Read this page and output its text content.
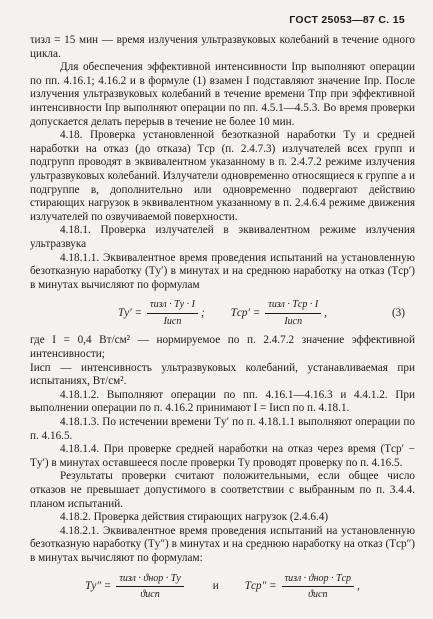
ГОСТ 25053—87 С. 15

τизл = 15 мин — время излучения ультразвуковых колебаний в течение одного цикла.

Для обеспечения эффективной интенсивности Iпр выполняют операции по пп. 4.16.1; 4.16.2 и в формуле (1) взамен I подставляют значение Iпр. После излучения ультразвуковых колебаний в течение времени Tпр при эффективной интенсивности Iпр выполняют операции по пп. 4.5.1—4.5.3. Во время проверки допускается делать перерыв в течение не более 10 мин.

4.18. Проверка установленной безотказной наработки Tу и средней наработки на отказ (до отказа) Tср (п. 2.4.7.3) излучателей всех групп и подгрупп проводят в эквивалентном указанному в п. 2.4.7.2 режиме излучения ультразвуковых колебаний. Излучатели одновременно относящиеся к группе а и подгруппе в, дополнительно или одновременно подвергают действию стирающих нагрузок в эквивалентном указанному в п. 2.4.6.4 режиме движения излучателей по озвучиваемой поверхности.

4.18.1. Проверка излучателей в эквивалентном режиме излучения ультразвука

4.18.1.1. Эквивалентное время проведения испытаний на установленную безотказную наработку (Tу′) в минутах и на среднюю наработку на отказ (Tср′) в минутах вычисляют по формулам

$Tу' = \frac{\text{τизл · Tу · I}}{\text{Iисп}}$ ; $Tср' = \frac{\text{τизл · Tср · I}}{\text{Iисп}}$ ,	(3)

где I = 0,4 Вт/см² — нормируемое по п. 2.4.7.2 значение эффективной интенсивности;

Iисп — интенсивность ультразвуковых колебаний, устанавливаемая при испытаниях, Вт/см².

4.18.1.2. Выполняют операции по пп. 4.16.1—4.16.3 и 4.4.1.2. При выполнении операции по п. 4.16.2 принимают I = Iисп по п. 4.18.1.

4.18.1.3. По истечении времени Tу′ по п. 4.18.1.1 выполняют операции по п. 4.16.5.

4.18.1.4. При проверке средней наработки на отказ через время (Tср′ − Tу′) в минутах оставшееся после проверки Tу проводят проверку по п. 4.16.5.

Результаты проверки считают положительными, если общее число отказов не превышает допустимого в соответствии с выбранным по п. 3.4.4. планом испытаний.

4.18.2. Проверка действия стирающих нагрузок (2.4.6.4)

4.18.2.1. Эквивалентное время проведения испытаний на установленную безотказную наработку (Tу″) в минутах и на среднюю наработку на отказ (Tср″) в минутах вычисляют по формулам:

$Tу'' = \frac{\text{τизл · ϑнор · Tу}}{\text{ϑисп}}$	и $Tср'' = \frac{\text{τизл · ϑнор · Tср}}{\text{ϑисп}}$ ,
